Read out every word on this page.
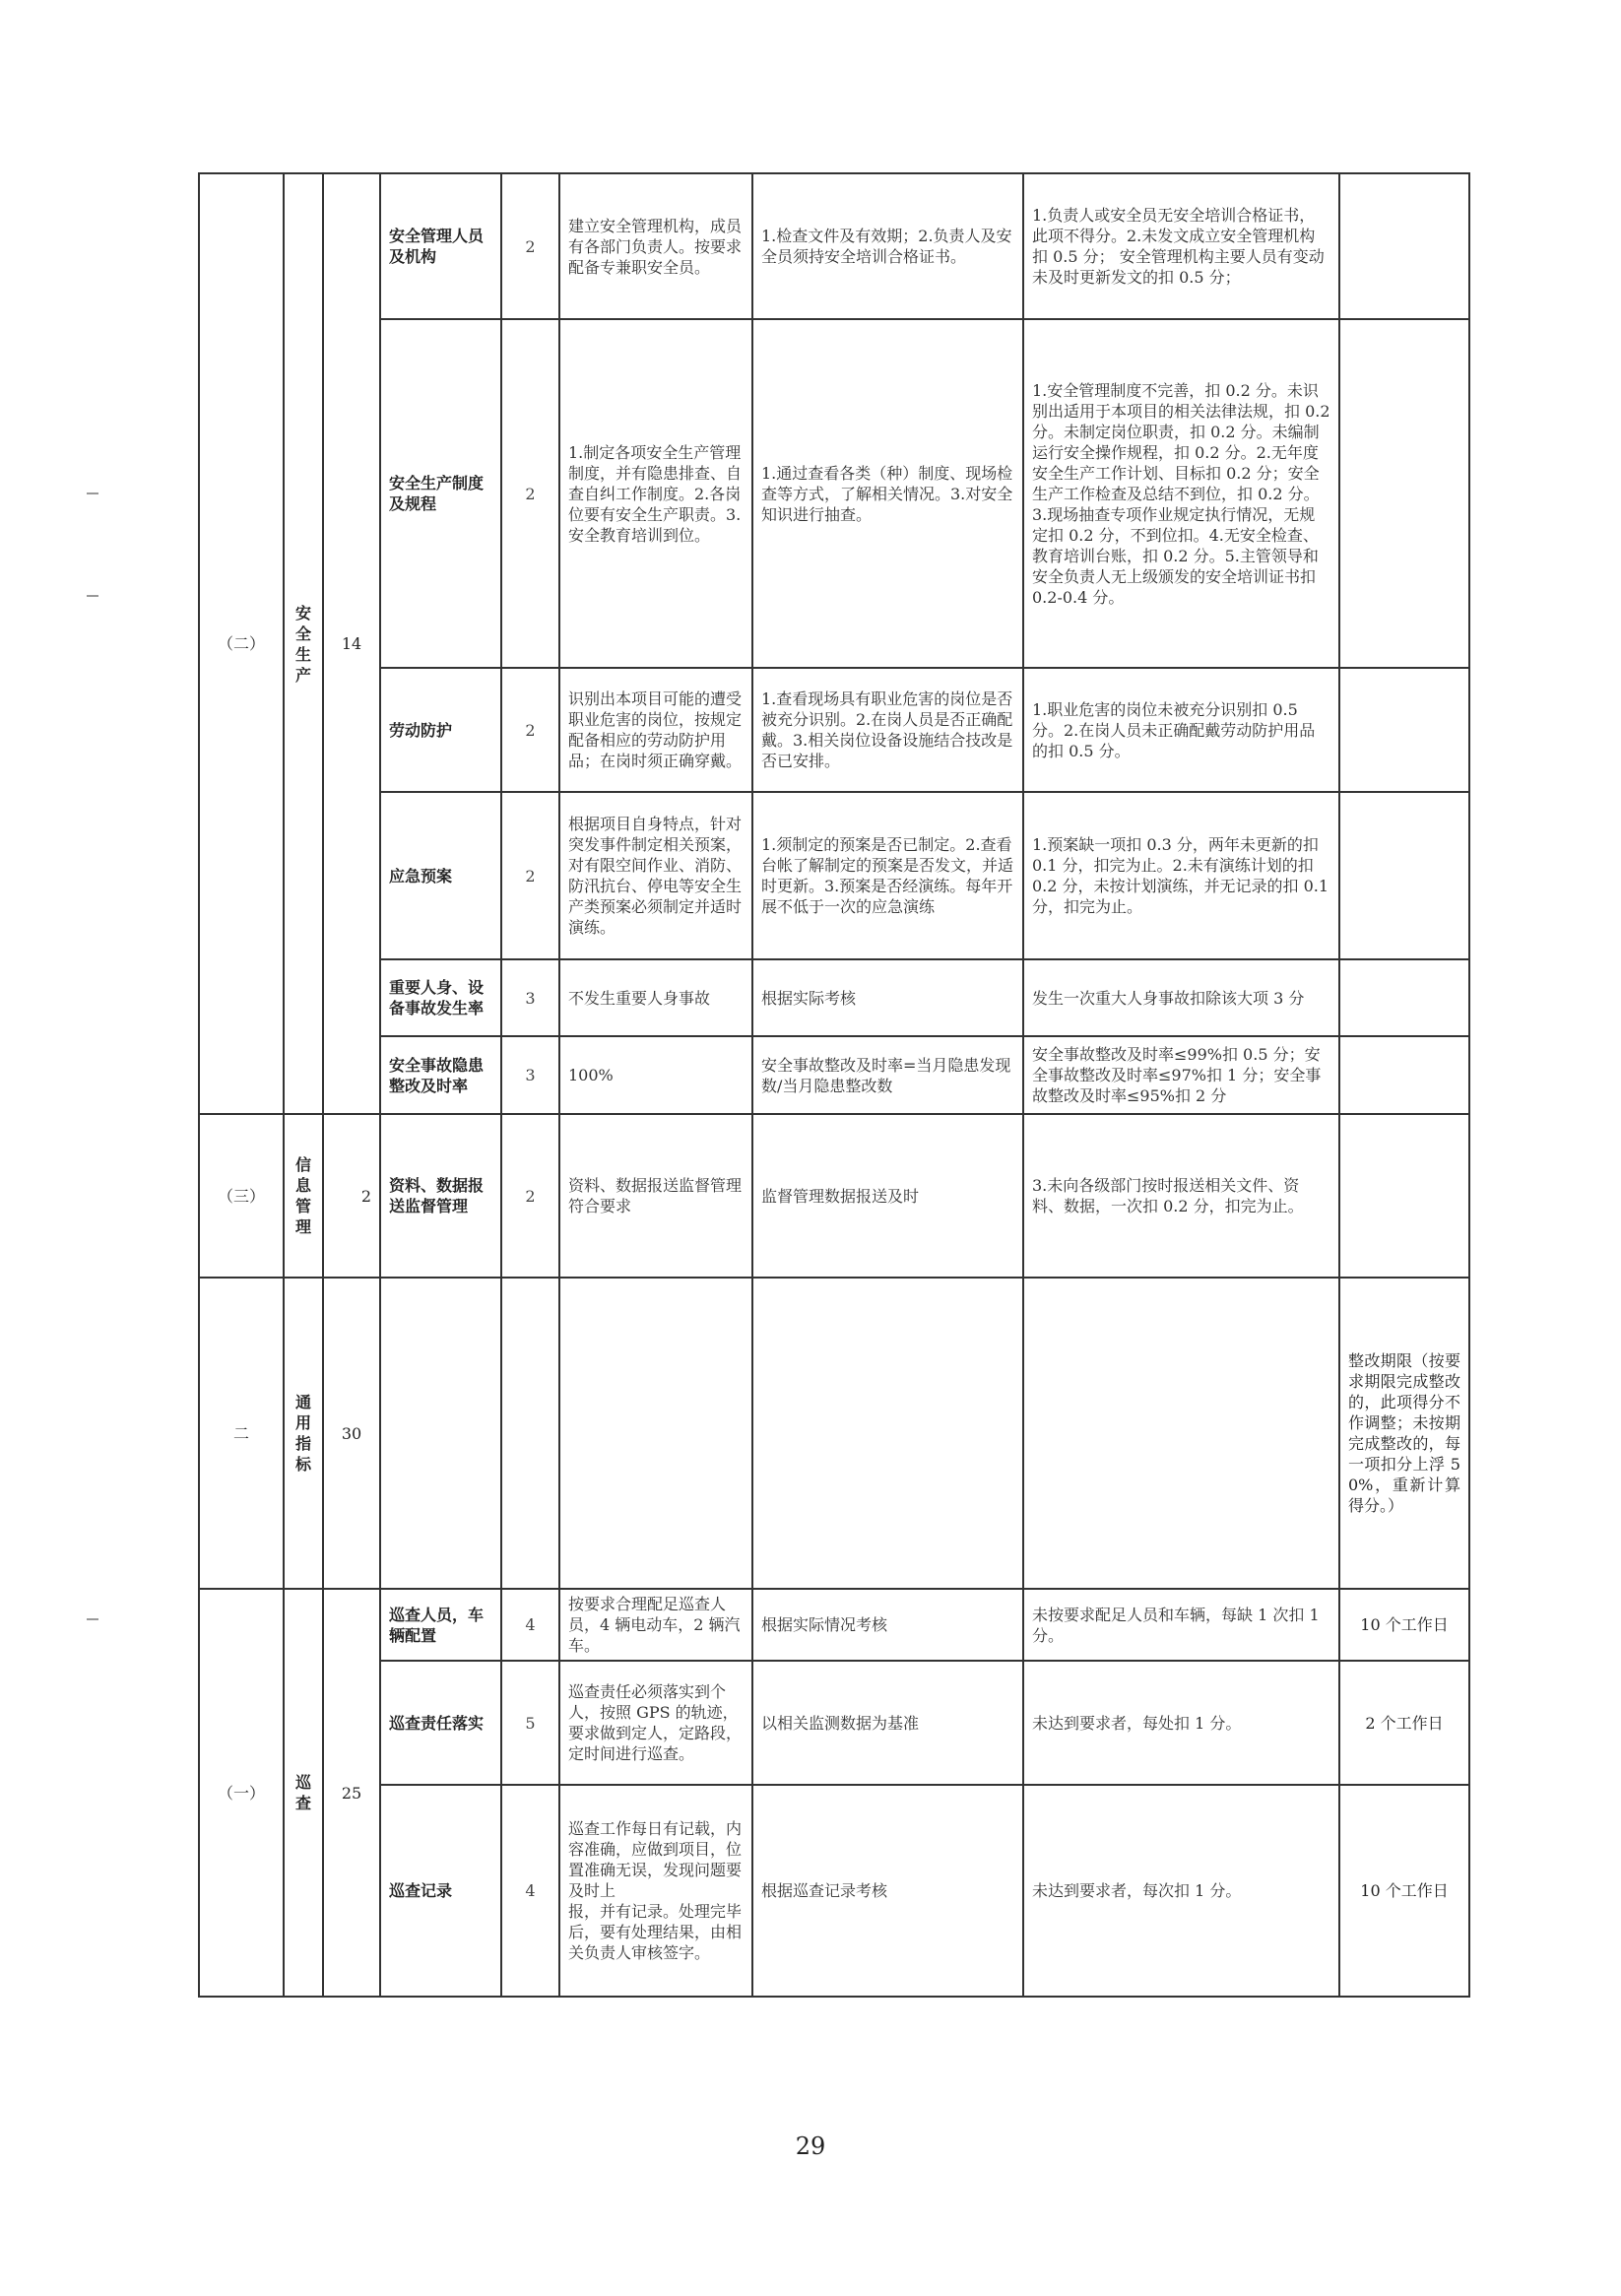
（二）	安全生产	14	安全管理人员及机构	2	建立安全管理机构，成员有各部门负责人。按要求配备专兼职安全员。	1.检查文件及有效期；2.负责人及安全员须持安全培训合格证书。	1.负责人或安全员无安全培训合格证书，此项不得分。2.未发文成立安全管理机构扣 0.5 分； 安全管理机构主要人员有变动未及时更新发文的扣 0.5 分；	
			安全生产制度及规程	2	1.制定各项安全生产管理制度，并有隐患排查、自查自纠工作制度。2.各岗位要有安全生产职责。3.安全教育培训到位。	1.通过查看各类（种）制度、现场检查等方式，了解相关情况。3.对安全知识进行抽查。	1.安全管理制度不完善，扣 0.2 分。未识别出适用于本项目的相关法律法规，扣 0.2 分。未制定岗位职责，扣 0.2 分。未编制运行安全操作规程，扣 0.2 分。2.无年度安全生产工作计划、目标扣 0.2 分；安全生产工作检查及总结不到位，扣 0.2 分。3.现场抽查专项作业规定执行情况，无规定扣 0.2 分，不到位扣。4.无安全检查、教育培训台账，扣 0.2 分。5.主管领导和安全负责人无上级颁发的安全培训证书扣 0.2-0.4 分。	
			劳动防护	2	识别出本项目可能的遭受职业危害的岗位，按规定配备相应的劳动防护用品；在岗时须正确穿戴。	1.查看现场具有职业危害的岗位是否被充分识别。2.在岗人员是否正确配戴。3.相关岗位设备设施结合技改是否已安排。	1.职业危害的岗位未被充分识别扣 0.5 分。2.在岗人员未正确配戴劳动防护用品的扣 0.5 分。	
			应急预案	2	根据项目自身特点，针对突发事件制定相关预案，对有限空间作业、消防、防汛抗台、停电等安全生产类预案必须制定并适时演练。	1.须制定的预案是否已制定。2.查看台帐了解制定的预案是否发文，并适时更新。3.预案是否经演练。每年开展不低于一次的应急演练	1.预案缺一项扣 0.3 分，两年未更新的扣 0.1 分，扣完为止。2.未有演练计划的扣 0.2 分，未按计划演练，并无记录的扣 0.1 分，扣完为止。	
			重要人身、设备事故发生率	3	不发生重要人身事故	根据实际考核	发生一次重大人身事故扣除该大项 3 分	
			安全事故隐患整改及时率	3	100%	安全事故整改及时率=当月隐患发现数/当月隐患整改数	安全事故整改及时率≤99%扣 0.5 分；安全事故整改及时率≤97%扣 1 分；安全事故整改及时率≤95%扣 2 分	
（三）	信息管理	2	资料、数据报送监督管理	2	资料、数据报送监督管理符合要求	监督管理数据报送及时	3.未向各级部门按时报送相关文件、资料、数据，一次扣 0.2 分，扣完为止。	
二	通用指标	30						整改期限（按要求期限完成整改的，此项得分不作调整；未按期完成整改的，每一项扣分上浮 50%，重新计算得分。）
（一）	巡查	25	巡查人员，车辆配置	4	按要求合理配足巡查人员，4 辆电动车，2 辆汽车。	根据实际情况考核	未按要求配足人员和车辆，每缺 1 次扣 1 分。	10 个工作日
			巡查责任落实	5	巡查责任必须落实到个人，按照 GPS 的轨迹，要求做到定人，定路段，定时间进行巡查。	以相关监测数据为基准	未达到要求者，每处扣 1 分。	2 个工作日
			巡查记录	4	巡查工作每日有记载，内容准确，应做到项目，位置准确无误，发现问题要及时上
报，并有记录。处理完毕后，要有处理结果，由相关负责人审核签字。	根据巡查记录考核	未达到要求者，每次扣 1 分。	10 个工作日
29
